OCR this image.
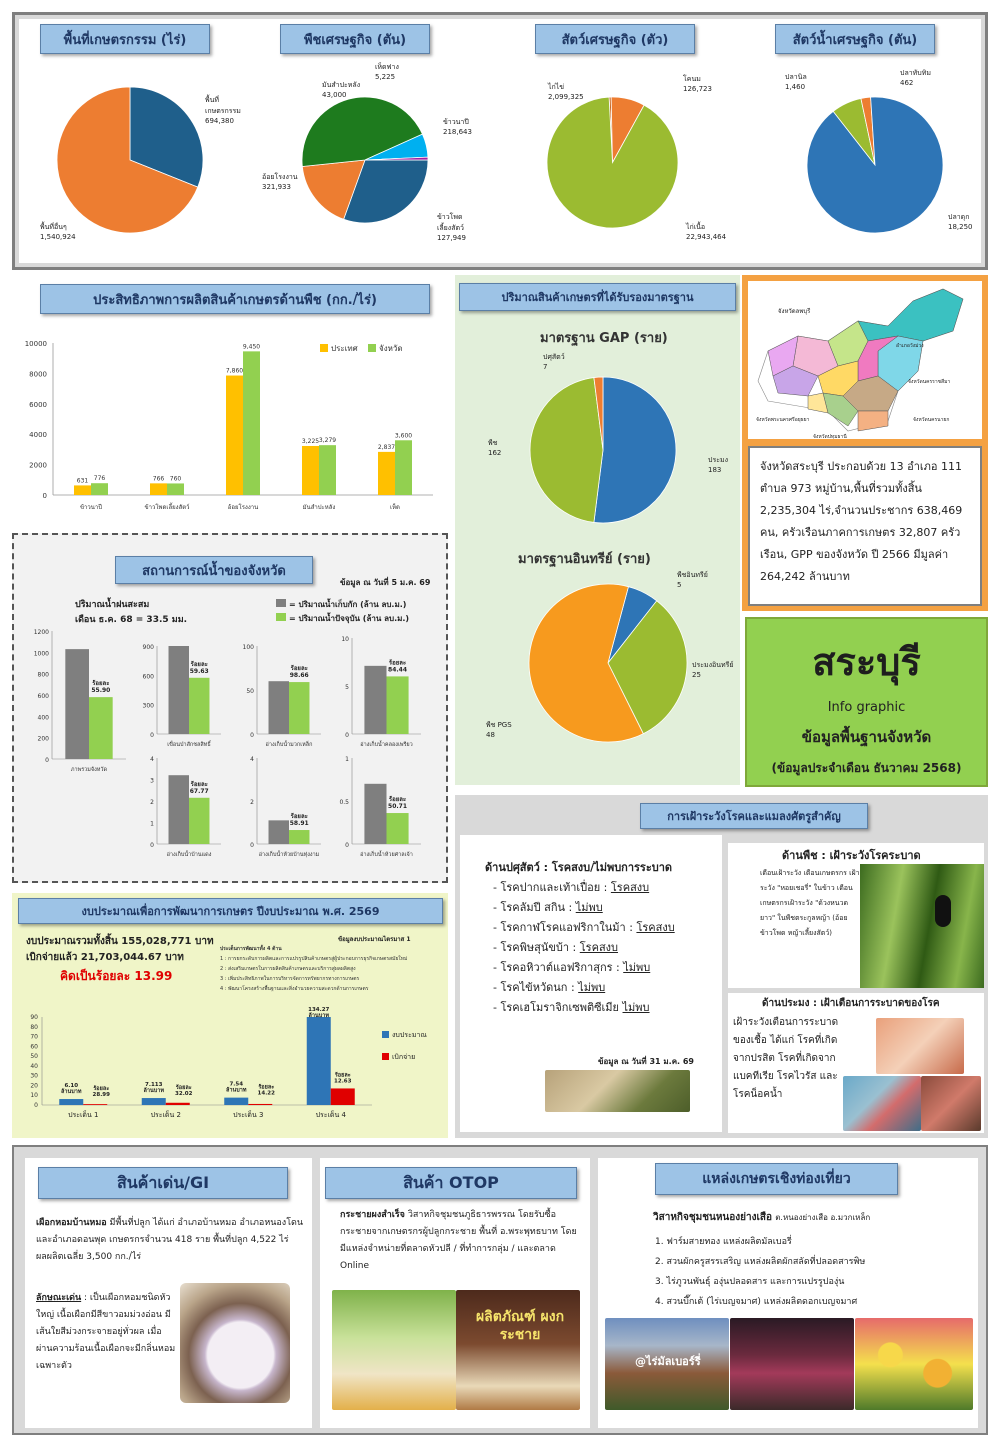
พื้นที่เกษตรกรรม (ไร่)	พืชเศรษฐกิจ (ตัน)	สัตว์เศรษฐกิจ (ตัว)	สัตว์น้ำเศรษฐกิจ (ตัน)
พื้นที่ เกษตรกรรม
694,380
พื้นที่อื่นๆ
1,540,924
เห็ดฟาง
5,225
มันสำปะหลัง
43,000
ข้าวนาปี
218,643
ข้าวโพด เลี้ยงสัตว์
127,949
อ้อยโรงงาน
321,933
โคนม
126,723
ไก่ไข่
2,099,325
ไก่เนื้อ
22,943,464
ปลานิล
1,460
ปลาทับทิม
462
ปลาดุก
18,250
ประสิทธิภาพการผลิตสินค้าเกษตรด้านพืช (กก./ไร่)
0
2000
4000
6000
8000
10000
631 776
ข้าวนาปี
766 760
ข้าวโพดเลี้ยงสัตว์
7,860
9,450
อ้อยโรงงาน
3,225 3,279
มันสำปะหลัง
2,837
3,600
เห็ด
ประเทศ	จังหวัด
ปริมาณสินค้าเกษตรที่ได้รับรองมาตรฐาน
มาตรฐาน GAP (ราย)
ปศุสัตว์
7
พืช
162
ประมง
183
มาตรฐานอินทรีย์ (ราย)
พืชอินทรีย์
5
ประมงอินทรีย์
25
พืช PGS
48
อำเภอวังม่วง
จังหวัดลพบุรี
จังหวัดนครราชสีมา
จังหวัดพระนครศรีอยุธยา	จังหวัดนครนายก
จังหวัดปทุมธานี
จังหวัดสระบุรี ประกอบด้วย 13 อำเภอ 111 ตำบล 973 หมู่บ้าน,พื้นที่รวมทั้งสิ้น 2,235,304 ไร่,จำนวนประชากร 638,469 คน, ครัวเรือนภาคการเกษตร 32,807 ครัวเรือน, GPP ของจังหวัด ปี 2566 มีมูลค่า 264,242 ล้านบาท
สระบุรี
Info graphic
ข้อมูลพื้นฐานจังหวัด
(ข้อมูลประจำเดือน ธันวาคม 2568)
สถานการณ์น้ำของจังหวัด
ข้อมูล ณ วันที่ 5 ม.ค. 69
ปริมาณน้ำฝนสะสม
เดือน ธ.ค. 68 = 33.5 มม.
= ปริมาณน้ำเก็บกัก (ล้าน ลบ.ม.)
= ปริมาณน้ำปัจจุบัน (ล้าน ลบ.ม.)
0
200
400
600
800
1000
1200
ร้อยละ
55.90
ภาพรวมจังหวัด
0
300
600
900
ร้อยละ
59.63
เขื่อนป่าสักชลสิทธิ์
0
50
100
ร้อยละ
98.66
อ่างเก็บน้ำมวกเหล็ก
0
5
10
ร้อยละ
84.44
อ่างเก็บน้ำคลองเพรียว
0
1
2
3
4
ร้อยละ
67.77
อ่างเก็บน้ำบ้านแดง
0
2
4
ร้อยละ
58.91
อ่างเก็บน้ำห้วยบ้านทุ่งงาม
0
0.5
1
ร้อยละ
50.71
อ่างเก็บน้ำห้วยศาลเจ้า
งบประมาณเพื่อการพัฒนาการเกษตร ปีงบประมาณ พ.ศ. 2569
งบประมาณรวมทั้งสิ้น 155,028,771 บาท
เบิกจ่ายแล้ว 21,703,044.67 บาท
คิดเป็นร้อยละ 13.99
ข้อมูลงบประมาณไตรมาส 1
ประเด็นการพัฒนาทั้ง 4 ด้าน
1 : การยกระดับการผลิตและการแปรรูปสินค้าเกษตรสู่ผู้ประกอบการธุรกิจเกษตรสมัยใหม่
2 : ส่งเสริมเกษตรในการผลิตสินค้าเกษตรและบริการสู่ผลผลิตสูง
3 : เพิ่มประสิทธิภาพในการบริหารจัดการทรัพยากรทางการเกษตร
4 : พัฒนาโครงสร้างพื้นฐานและสิ่งอำนวยความสะดวกด้านการเกษตร
0
10
20
30
40
50
60
70
80
90
6.10
ล้านบาท ร้อยละ
28.99
ประเด็น 1
7.113
ล้านบาท ร้อยละ
32.02
ประเด็น 2
7.54
ล้านบาท ร้อยละ
14.22
ประเด็น 3
134.27
ล้านบาท
ร้อยละ
12.63
ประเด็น 4
งบประมาณ
เบิกจ่าย
การเฝ้าระวังโรคและแมลงศัตรูสำคัญ
ด้านปศุสัตว์ : โรคสงบ/ไม่พบการระบาด
- โรคปากและเท้าเปื่อย : โรคสงบ
- โรคลัมปี สกิน : ไม่พบ
- โรคกาฬโรคแอฟริกาในม้า : โรคสงบ
- โรคพิษสุนัขบ้า : โรคสงบ
- โรคอหิวาต์แอฟริกาสุกร : ไม่พบ
- โรคไข้หวัดนก : ไม่พบ
- โรคเฮโมราจิกเซพติซีเมีย ไม่พบ
ข้อมูล ณ วันที่ 31 ม.ค. 69
ด้านพืช : เฝ้าระวังโรคระบาด
เตือนเฝ้าระวัง เตือนเกษตรกร เฝ้าระวัง "หอยเชอรี่" ในข้าว เตือนเกษตรกรเฝ้าระวัง "ด้วงหนวดยาว" ในพืชตระกูลหญ้า (อ้อย ข้าวโพด หญ้าเลี้ยงสัตว์)
ด้านประมง : เฝ้าเตือนการระบาดของโรค
เฝ้าระวังเตือนการระบาด ของเชื้อ ได้แก่ โรคที่เกิดจากปรสิต โรคที่เกิดจาก แบคทีเรีย โรคไวรัส และ โรคน็อคน้ำ
สินค้าเด่น/GI
เผือกหอมบ้านหมอ มีพื้นที่ปลูก ได้แก่ อำเภอบ้านหมอ อำเภอหนองโดน และอำเภอดอนพุด เกษตรกรจำนวน 418 ราย พื้นที่ปลูก 4,522 ไร่ ผลผลิตเฉลี่ย 3,500 กก./ไร่
ลักษณะเด่น : เป็นเผือกหอมชนิดหัวใหญ่ เนื้อเผือกมีสีขาวอมม่วงอ่อน มีเส้นใยสีม่วงกระจายอยู่ทั่วผล เมื่อผ่านความร้อนเนื้อเผือกจะมีกลิ่นหอมเฉพาะตัว
สินค้า OTOP
กระชายผงสำเร็จ วิสาหกิจชุมชนภูธิธารพรรณ โดยรับซื้อกระชายจากเกษตรกรผู้ปลูกกระชาย พื้นที่ อ.พระพุทธบาท โดยมีแหล่งจำหน่ายที่ตลาดหัวปลี / ที่ทำการกลุ่ม / และตลาด Online
ผลิตภัณฑ์ ผงกระชาย
แหล่งเกษตรเชิงท่องเที่ยว
วิสาหกิจชุมชนหนองย่างเสือ ต.หนองย่างเสือ อ.มวกเหล็ก
1. ฟาร์มสายทอง แหล่งผลิตมัลเบอรี่
2. สวนผักครูสรรเสริญ แหล่งผลิตผักสลัดที่ปลอดสารพิษ
3. ไร่ภูวนพันธุ์ องุ่นปลอดสาร และการแปรรูปองุ่น
4. สวนบึ๊กเต้ (ไร่เบญจมาศ) แหล่งผลิตดอกเบญจมาศ
@ไร่มัลเบอร์รี่
